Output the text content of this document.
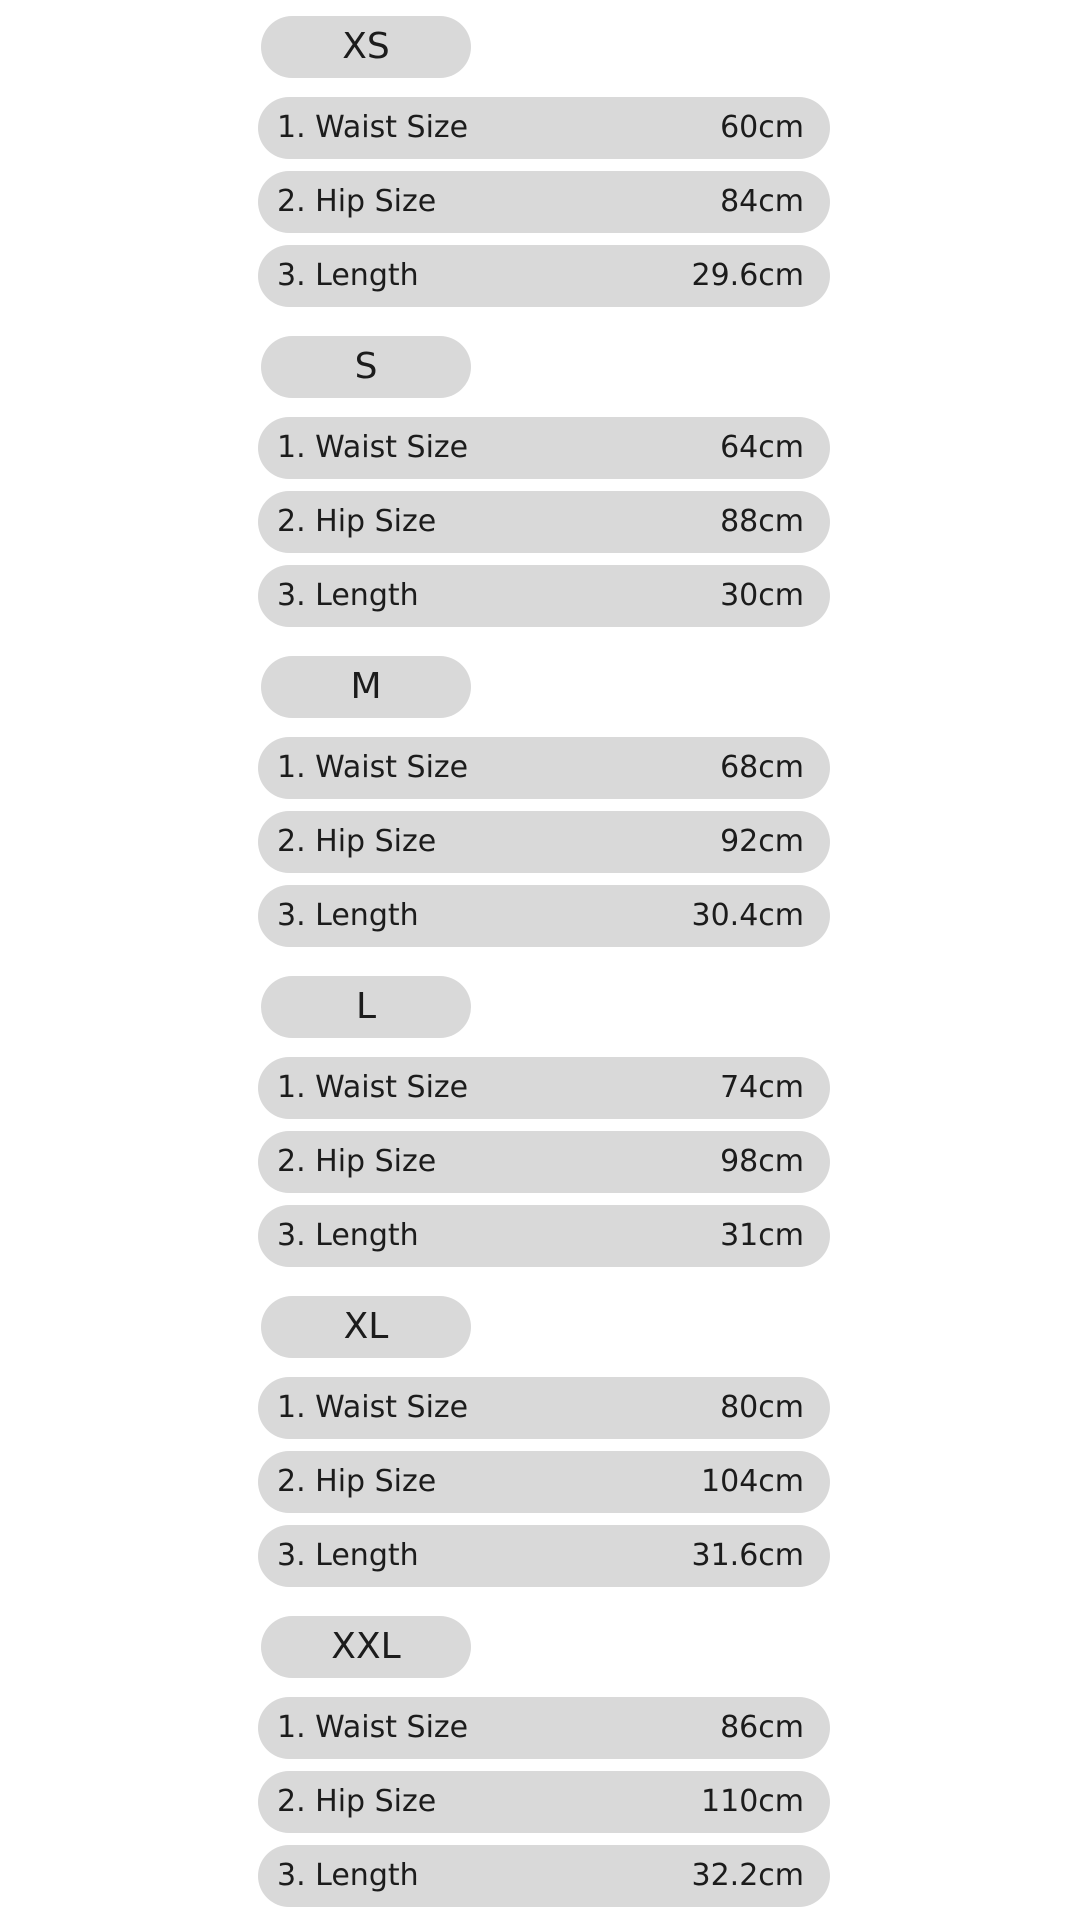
XS
1. Waist Size	60cm
2. Hip Size	84cm
3. Length	29.6cm
S
1. Waist Size	64cm
2. Hip Size	88cm
3. Length	30cm
M
1. Waist Size	68cm
2. Hip Size	92cm
3. Length	30.4cm
L
1. Waist Size	74cm
2. Hip Size	98cm
3. Length	31cm
XL
1. Waist Size	80cm
2. Hip Size	104cm
3. Length	31.6cm
XXL
1. Waist Size	86cm
2. Hip Size	110cm
3. Length	32.2cm
